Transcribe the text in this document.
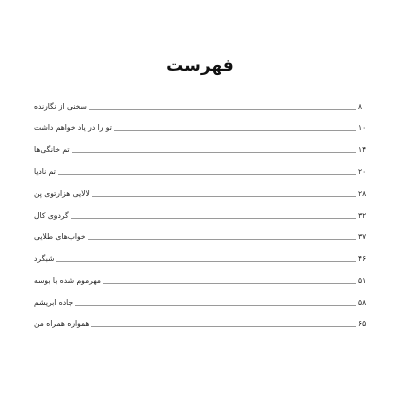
فهرست
سخنی از نگارنده	۸
تو را در یاد خواهم داشت	۱۰
تم خانگی‌ها	۱۴
تم نادیا	۲۰
لالایی هزارتوی پن	۲۸
گردوی کال	۳۲
خواب‌های طلایی	۳۷
شبگرد	۴۶
مهرموم شده با بوسه	۵۱
جاده ابریشم	۵۸
همواره همراه من	۶۵
